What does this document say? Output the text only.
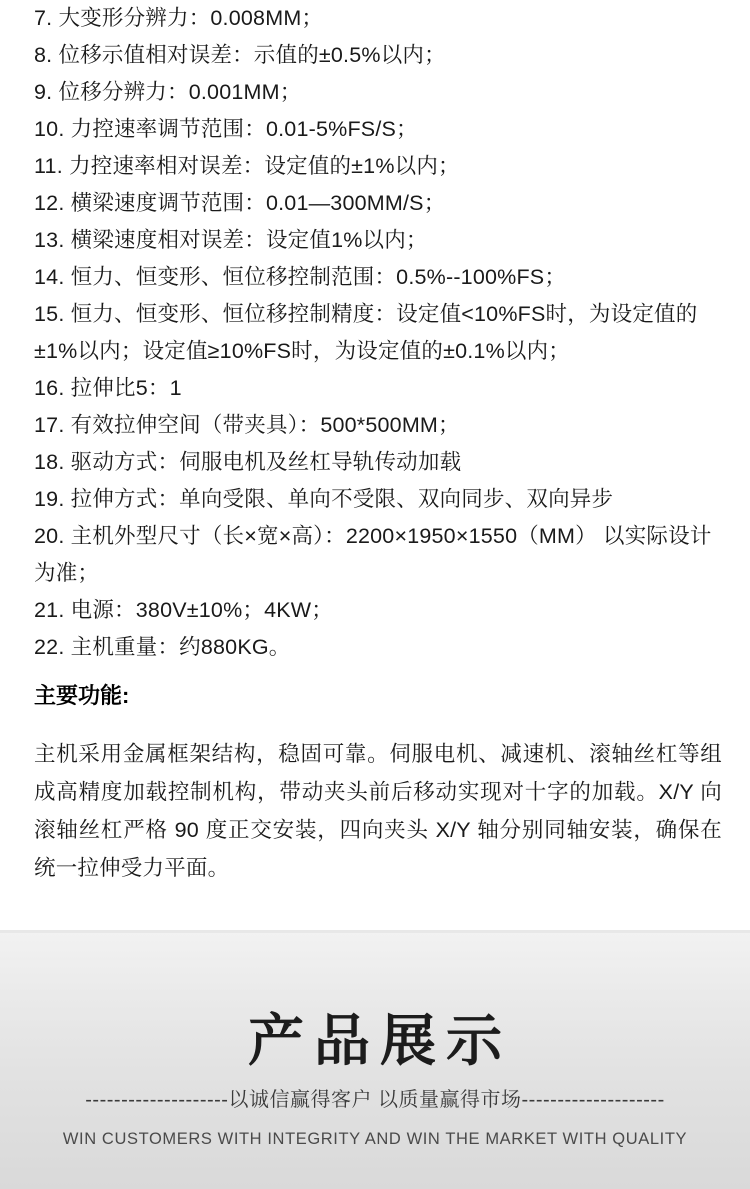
7. 大变形分辨力：0.008MM；
8. 位移示值相对误差：示值的±0.5%以内；
9. 位移分辨力：0.001MM；
10. 力控速率调节范围：0.01-5%FS/S；
11. 力控速率相对误差：设定值的±1%以内；
12. 横梁速度调节范围：0.01—300MM/S；
13. 横梁速度相对误差：设定值1%以内；
14. 恒力、恒变形、恒位移控制范围：0.5%--100%FS；
15. 恒力、恒变形、恒位移控制精度：设定值<10%FS时，为设定值的±1%以内；设定值≥10%FS时，为设定值的±0.1%以内；
16. 拉伸比5：1
17. 有效拉伸空间（带夹具）：500*500MM；
18. 驱动方式：伺服电机及丝杠导轨传动加载
19. 拉伸方式：单向受限、单向不受限、双向同步、双向异步
20. 主机外型尺寸（长×宽×高）：2200×1950×1550（MM） 以实际设计为准；
21. 电源：380V±10%；4KW；
22. 主机重量：约880KG。
主要功能:

主机采用金属框架结构，稳固可靠。伺服电机、减速机、滚轴丝杠等组成高精度加载控制机构，带动夹头前后移动实现对十字的加载。X/Y 向滚轴丝杠严格 90 度正交安装，四向夹头 X/Y 轴分别同轴安装，确保在统一拉伸受力平面。

产品展示
--------------------以诚信赢得客户 以质量赢得市场--------------------
WIN CUSTOMERS WITH INTEGRITY AND WIN THE MARKET WITH QUALITY
